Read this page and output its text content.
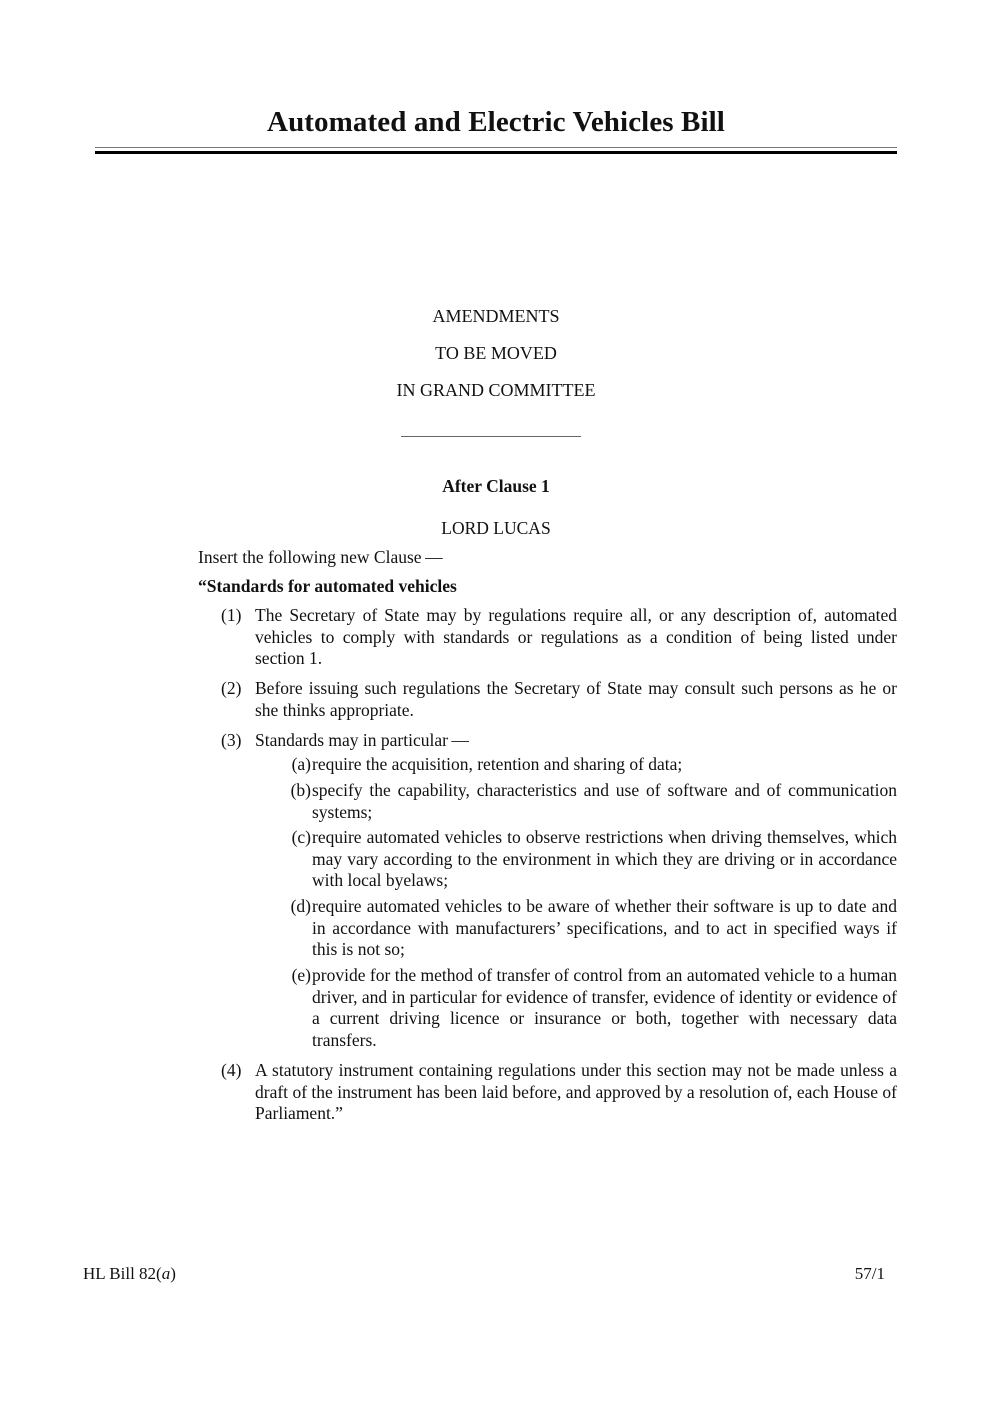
Automated and Electric Vehicles Bill
AMENDMENTS
TO BE MOVED
IN GRAND COMMITTEE
After Clause 1
LORD LUCAS
Insert the following new Clause —
“Standards for automated vehicles
(1) The Secretary of State may by regulations require all, or any description of, automated vehicles to comply with standards or regulations as a condition of being listed under section 1.
(2) Before issuing such regulations the Secretary of State may consult such persons as he or she thinks appropriate.
(3) Standards may in particular —
(a) require the acquisition, retention and sharing of data;
(b) specify the capability, characteristics and use of software and of communication systems;
(c) require automated vehicles to observe restrictions when driving themselves, which may vary according to the environment in which they are driving or in accordance with local byelaws;
(d) require automated vehicles to be aware of whether their software is up to date and in accordance with manufacturers’ specifications, and to act in specified ways if this is not so;
(e) provide for the method of transfer of control from an automated vehicle to a human driver, and in particular for evidence of transfer, evidence of identity or evidence of a current driving licence or insurance or both, together with necessary data transfers.
(4) A statutory instrument containing regulations under this section may not be made unless a draft of the instrument has been laid before, and approved by a resolution of, each House of Parliament.”
HL Bill 82(a)	57/1
